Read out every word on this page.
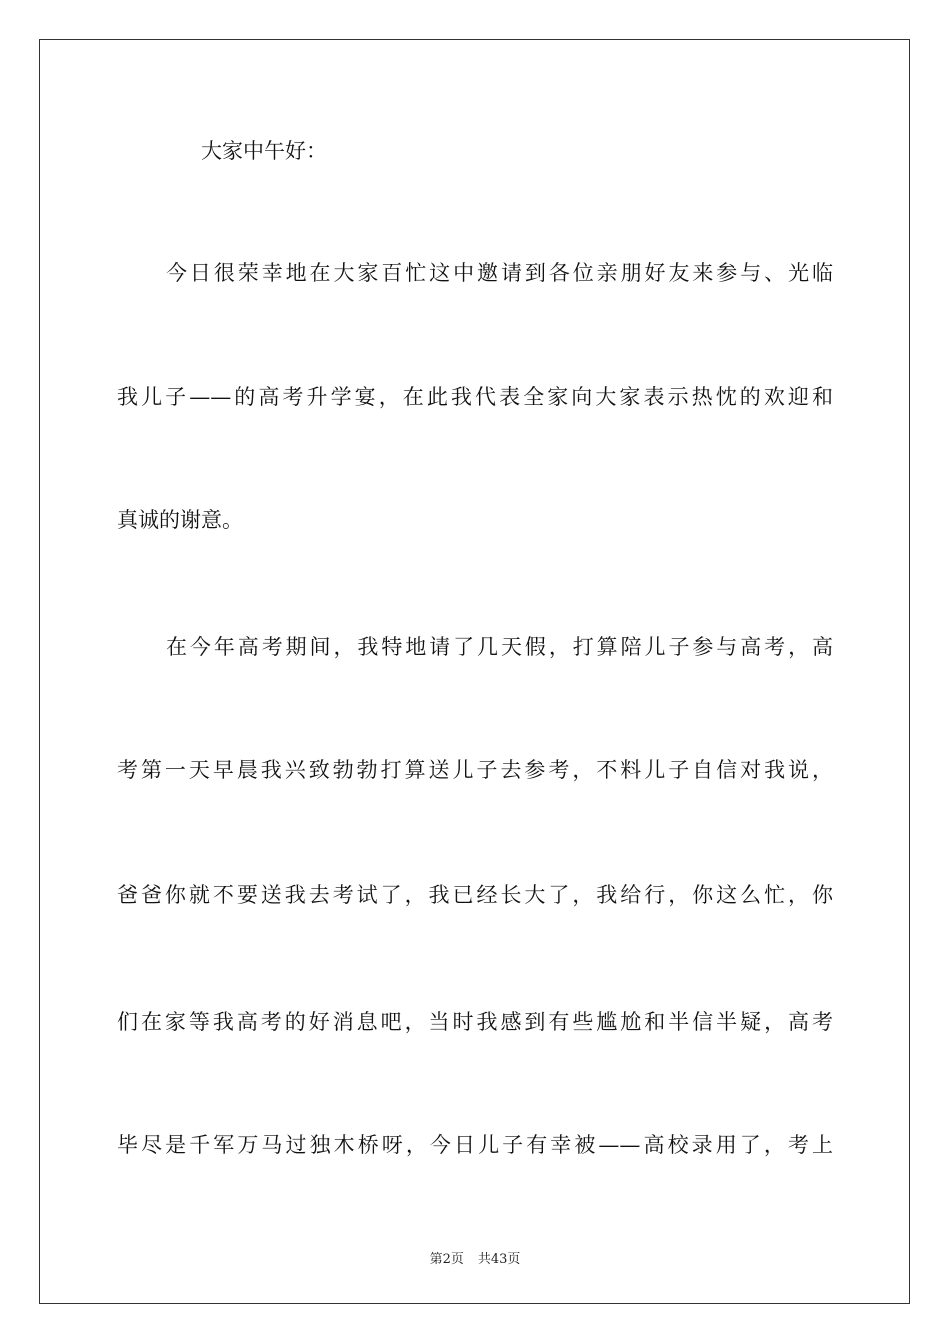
大家中午好：
今日很荣幸地在大家百忙这中邀请到各位亲朋好友来参与、光临
我儿子——的高考升学宴，在此我代表全家向大家表示热忱的欢迎和
真诚的谢意。
在今年高考期间，我特地请了几天假，打算陪儿子参与高考，高
考第一天早晨我兴致勃勃打算送儿子去参考，不料儿子自信对我说，
爸爸你就不要送我去考试了，我已经长大了，我给行，你这么忙，你
们在家等我高考的好消息吧，当时我感到有些尴尬和半信半疑，高考
毕尽是千军万马过独木桥呀，今日儿子有幸被——高校录用了，考上
第2页 共43页
